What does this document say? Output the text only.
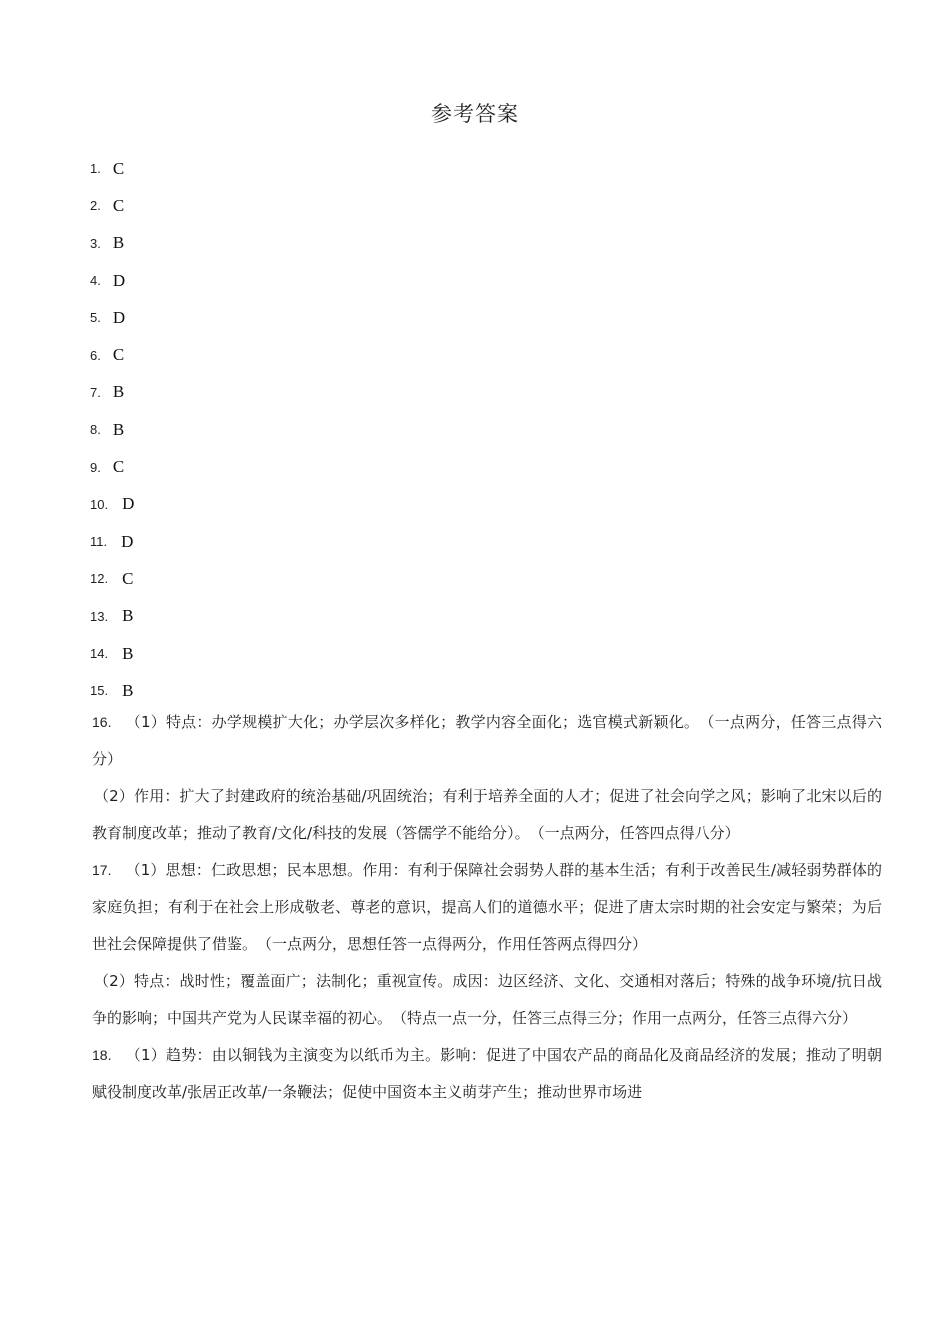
参考答案
1. C
2. C
3. B
4. D
5. D
6. C
7. B
8. B
9. C
10. D
11. D
12. C
13. B
14. B
15. B

16. （1）特点：办学规模扩大化；办学层次多样化；教学内容全面化；选官模式新颖化。　（一点两分，任答三点得六分）

（2）作用：扩大了封建政府的统治基础/巩固统治；有利于培养全面的人才；促进了社会向学之风；影响了北宋以后的教育制度改革；推动了教育/文化/科技的发展（答儒学不能给分）。　（一点两分，任答四点得八分）

17. （1）思想：仁政思想；民本思想。作用：有利于保障社会弱势人群的基本生活；有利于改善民生/减轻弱势群体的家庭负担；有利于在社会上形成敬老、尊老的意识，提高人们的道德水平；促进了唐太宗时期的社会安定与繁荣；为后世社会保障提供了借鉴。　（一点两分，思想任答一点得两分，作用任答两点得四分）

（2）特点：战时性；覆盖面广；法制化；重视宣传。成因：边区经济、文化、交通相对落后；特殊的战争环境/抗日战争的影响；中国共产党为人民谋幸福的初心。　（特点一点一分，任答三点得三分；作用一点两分，任答三点得六分）

18. （1）趋势：由以铜钱为主演变为以纸币为主。影响：促进了中国农产品的商品化及商品经济的发展；推动了明朝赋役制度改革/张居正改革/一条鞭法；促使中国资本主义萌芽产生；推动世界市场进
